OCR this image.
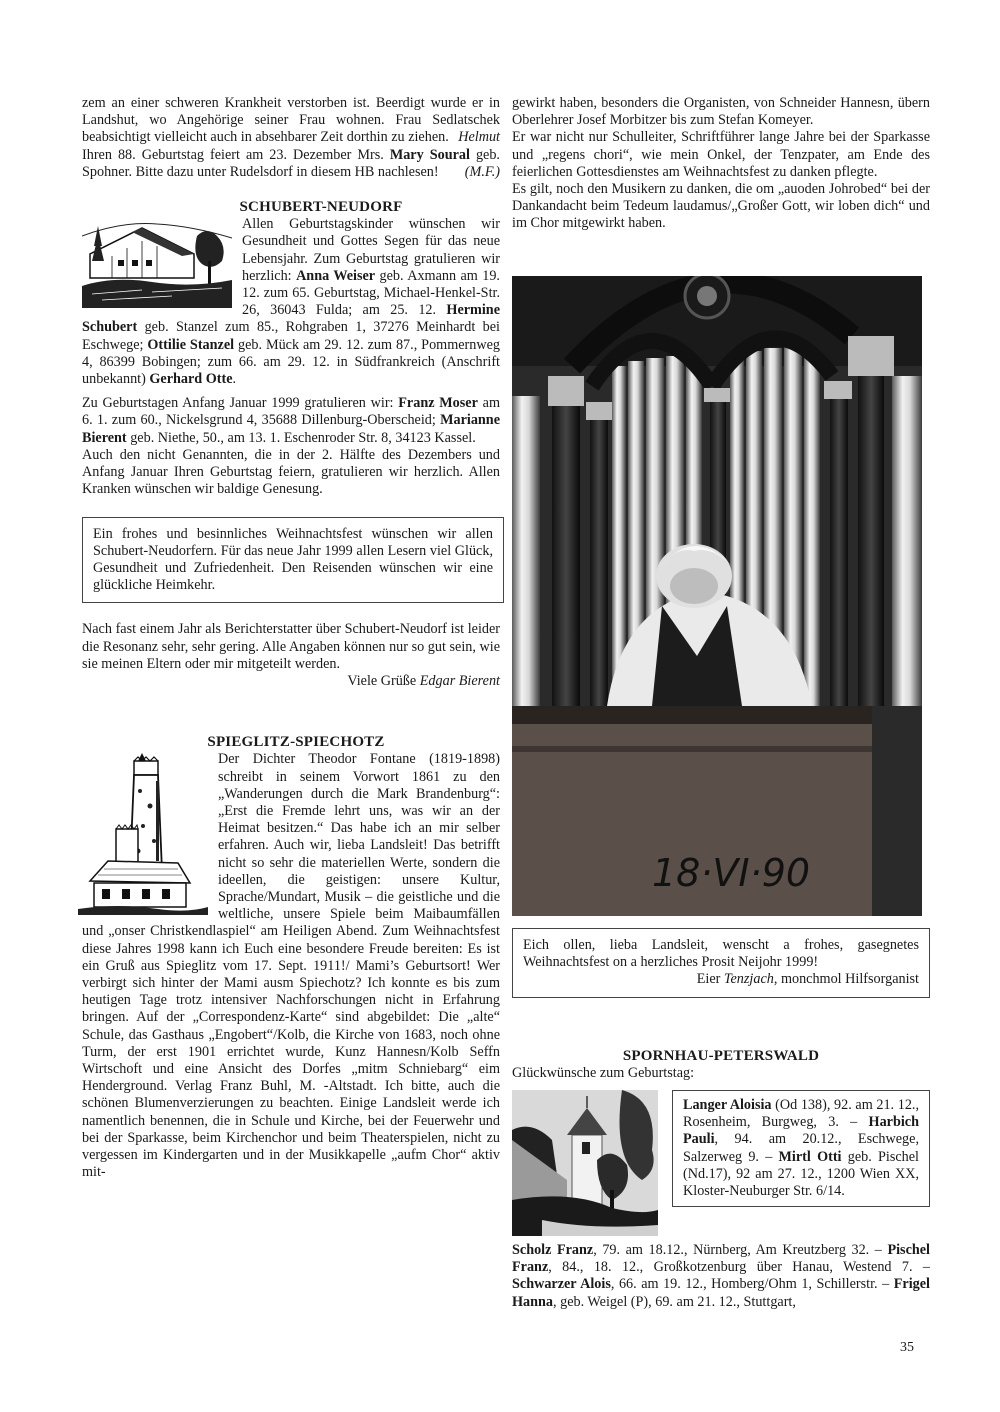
zem an einer schweren Krankheit verstorben ist. Beerdigt wurde er in Landshut, wo Angehörige seiner Frau wohnen. Frau Sedlatschek beabsichtigt vielleicht auch in absehbarer Zeit dorthin zu ziehen. Helmut

Ihren 88. Geburtstag feiert am 23. Dezember Mrs. Mary Soural geb. Spohner. Bitte dazu unter Rudelsdorf in diesem HB nachlesen!	(M.F.)

SCHUBERT-NEUDORF

Allen Geburtstagskinder wünschen wir Gesundheit und Gottes Segen für das neue Lebensjahr. Zum Geburtstag gratulieren wir herzlich: Anna Weiser geb. Axmann am 19. 12. zum 65. Geburtstag, Michael-Henkel-Str. 26, 36043 Fulda; am 25. 12. Hermine Schubert geb. Stanzel zum 85., Rohgraben 1, 37276 Meinhardt bei Eschwege; Ottilie Stanzel geb. Mück am 29. 12. zum 87., Pommernweg 4, 86399 Bobingen; zum 66. am 29. 12. in Südfrankreich (Anschrift unbekannt) Gerhard Otte.

Zu Geburtstagen Anfang Januar 1999 gratulieren wir: Franz Moser am 6. 1. zum 60., Nickelsgrund 4, 35688 Dillenburg-Oberscheid; Marianne Bierent geb. Niethe, 50., am 13. 1. Eschenroder Str. 8, 34123 Kassel.

Auch den nicht Genannten, die in der 2. Hälfte des Dezembers und Anfang Januar Ihren Geburtstag feiern, gratulieren wir herzlich. Allen Kranken wünschen wir baldige Genesung.

Ein frohes und besinnliches Weihnachtsfest wünschen wir allen Schubert-Neudorfern. Für das neue Jahr 1999 allen Lesern viel Glück, Gesundheit und Zufriedenheit. Den Reisenden wünschen wir eine glückliche Heimkehr.

Nach fast einem Jahr als Berichterstatter über Schubert-Neudorf ist leider die Resonanz sehr, sehr gering. Alle Angaben können nur so gut sein, wie sie meinen Eltern oder mir mitgeteilt werden.

Viele Grüße Edgar Bierent

SPIEGLITZ-SPIECHOTZ

Der Dichter Theodor Fontane (1819-1898) schreibt in seinem Vorwort 1861 zu den „Wanderungen durch die Mark Brandenburg“: „Erst die Fremde lehrt uns, was wir an der Heimat besitzen.“ Das habe ich an mir selber erfahren. Auch wir, lieba Landsleit! Das betrifft nicht so sehr die materiellen Werte, sondern die ideellen, die geistigen: unsere Kultur, Sprache/Mundart, Musik – die geistliche und die weltliche, unsere Spiele beim Maibaumfällen und „onser Christkendlaspiel“ am Heiligen Abend. Zum Weihnachtsfest diese Jahres 1998 kann ich Euch eine besondere Freude bereiten: Es ist ein Gruß aus Spieglitz vom 17. Sept. 1911!/ Mami’s Geburtsort! Wer verbirgt sich hinter der Mami ausm Spiechotz? Ich konnte es bis zum heutigen Tage trotz intensiver Nachforschungen nicht in Erfahrung bringen. Auf der „Correspondenz-Karte“ sind abgebildet: Die „alte“ Schule, das Gasthaus „Engobert“/Kolb, die Kirche von 1683, noch ohne Turm, der erst 1901 errichtet wurde, Kunz Hannesn/Kolb Seffn Wirtschoft und eine Ansicht des Dorfes „mitm Schniebarg“ eim Henderground. Verlag Franz Buhl, M. -Altstadt. Ich bitte, auch die schönen Blumenverzierungen zu beachten. Einige Landsleit werde ich namentlich benennen, die in Schule und Kirche, bei der Feuerwehr und bei der Sparkasse, beim Kirchenchor und beim Theaterspielen, nicht zu vergessen im Kindergarten und in der Musikkapelle „aufm Chor“ aktiv mit-

gewirkt haben, besonders die Organisten, von Schneider Hannesn, übern Oberlehrer Josef Morbitzer bis zum Stefan Komeyer.

Er war nicht nur Schulleiter, Schriftführer lange Jahre bei der Sparkasse und „regens chori“, wie mein Onkel, der Tenzpater, am Ende des feierlichen Gottesdienstes am Weihnachtsfest zu danken pflegte.

Es gilt, noch den Musikern zu danken, die om „auoden Johrobed“ bei der Dankandacht beim Tedeum laudamus/„Großer Gott, wir loben dich“ und im Chor mitgewirkt haben.

18·VI·90

Eich ollen, lieba Landsleit, wenscht a frohes, gasegnetes Weihnachtsfest on a herzliches Prosit Neijohr 1999!

Eier Tenzjach, monchmol Hilfsorganist

SPORNHAU-PETERSWALD

Glückwünsche zum Geburtstag:

Langer Aloisia (Od 138), 92. am 21. 12., Rosenheim, Burgweg, 3. – Harbich Pauli, 94. am 20.12., Eschwege, Salzerweg 9. – Mirtl Otti geb. Pischel (Nd.17), 92 am 27. 12., 1200 Wien XX, Kloster-Neuburger Str. 6/14.

Scholz Franz, 79. am 18.12., Nürnberg, Am Kreutzberg 32. – Pischel Franz, 84., 18. 12., Großkotzenburg über Hanau, Westend 7. – Schwarzer Alois, 66. am 19. 12., Homberg/Ohm 1, Schillerstr. – Frigel Hanna, geb. Weigel (P), 69. am 21. 12., Stuttgart,

35
